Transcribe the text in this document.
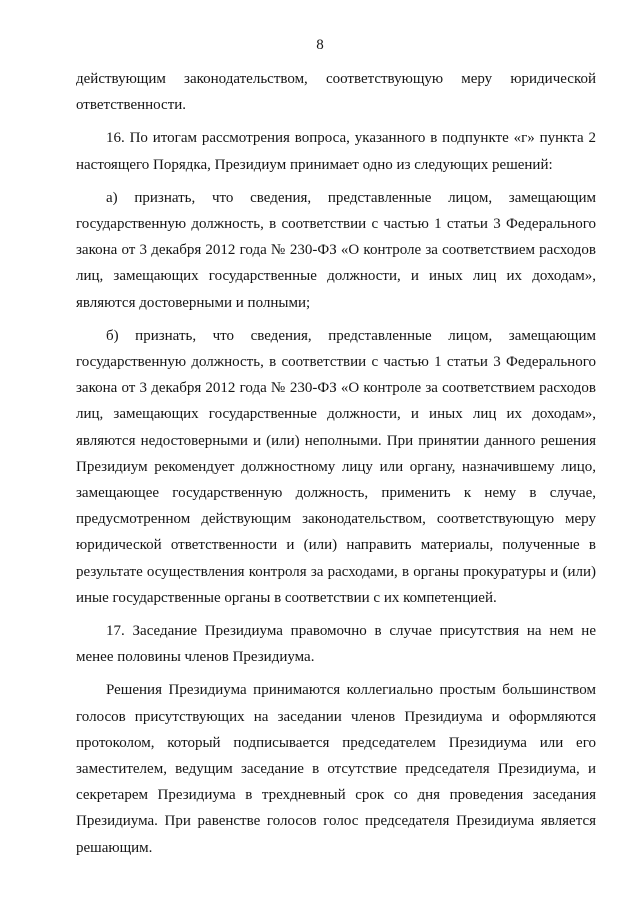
8

действующим законодательством, соответствующую меру юридической ответственности.

16. По итогам рассмотрения вопроса, указанного в подпункте «г» пункта 2 настоящего Порядка, Президиум принимает одно из следующих решений:

а) признать, что сведения, представленные лицом, замещающим государственную должность, в соответствии с частью 1 статьи 3 Федерального закона от 3 декабря 2012 года № 230-ФЗ «О контроле за соответствием расходов лиц, замещающих государственные должности, и иных лиц их доходам», являются достоверными и полными;

б) признать, что сведения, представленные лицом, замещающим государственную должность, в соответствии с частью 1 статьи 3 Федерального закона от 3 декабря 2012 года № 230-ФЗ «О контроле за соответствием расходов лиц, замещающих государственные должности, и иных лиц их доходам», являются недостоверными и (или) неполными. При принятии данного решения Президиум рекомендует должностному лицу или органу, назначившему лицо, замещающее государственную должность, применить к нему в случае, предусмотренном действующим законодательством, соответствующую меру юридической ответственности и (или) направить материалы, полученные в результате осуществления контроля за расходами, в органы прокуратуры и (или) иные государственные органы в соответствии с их компетенцией.

17. Заседание Президиума правомочно в случае присутствия на нем не менее половины членов Президиума.

Решения Президиума принимаются коллегиально простым большинством голосов присутствующих на заседании членов Президиума и оформляются протоколом, который подписывается председателем Президиума или его заместителем, ведущим заседание в отсутствие председателя Президиума, и секретарем Президиума в трехдневный срок со дня проведения заседания Президиума. При равенстве голосов голос председателя Президиума является решающим.
